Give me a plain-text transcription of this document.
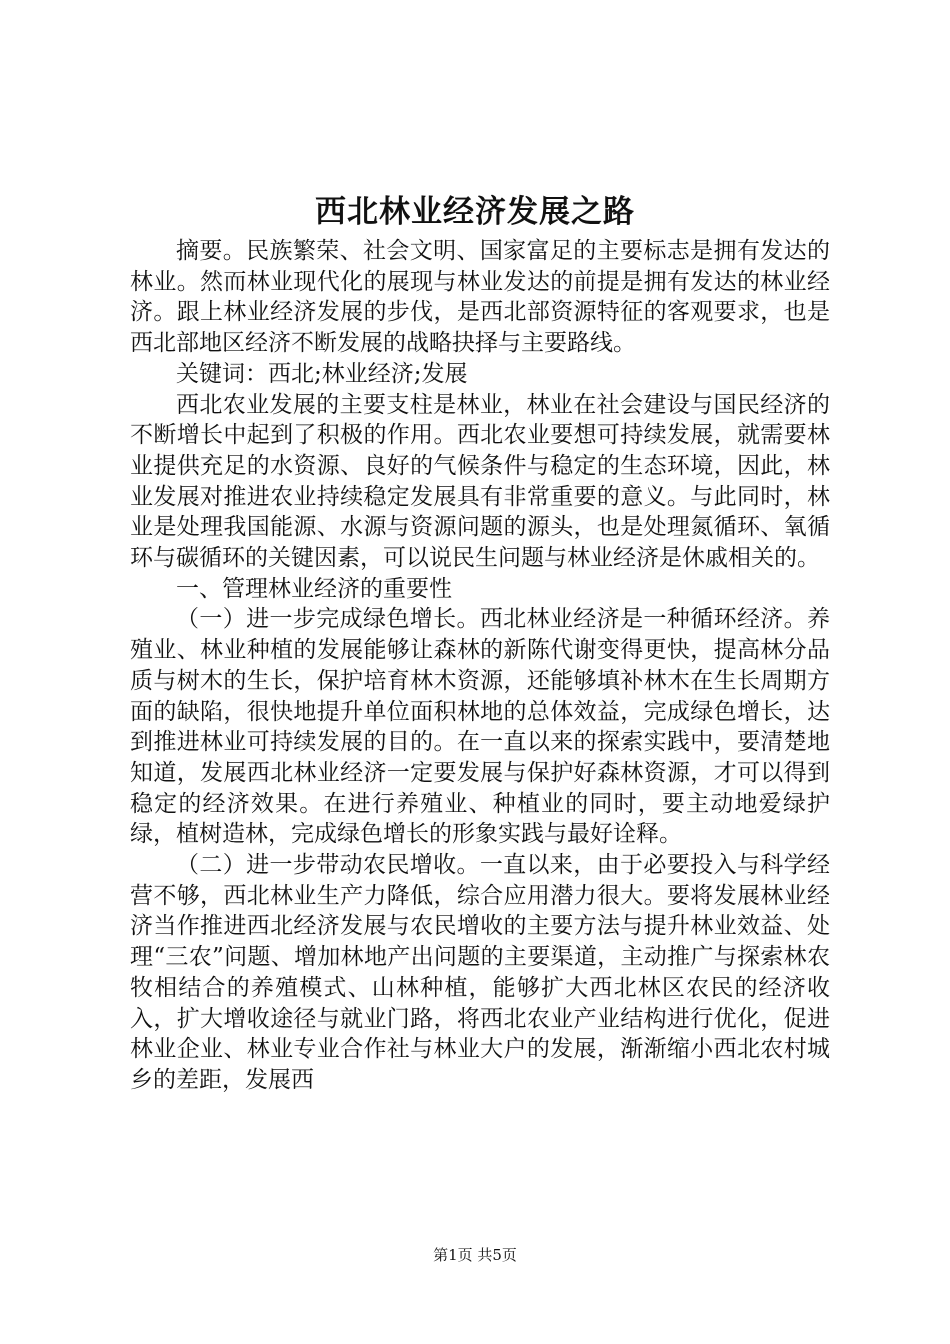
西北林业经济发展之路

摘要。民族繁荣、社会文明、国家富足的主要标志是拥有发达的林业。然而林业现代化的展现与林业发达的前提是拥有发达的林业经济。跟上林业经济发展的步伐，是西北部资源特征的客观要求，也是西北部地区经济不断发展的战略抉择与主要路线。

关键词：西北;林业经济;发展

西北农业发展的主要支柱是林业，林业在社会建设与国民经济的不断增长中起到了积极的作用。西北农业要想可持续发展，就需要林业提供充足的水资源、良好的气候条件与稳定的生态环境，因此，林业发展对推进农业持续稳定发展具有非常重要的意义。与此同时，林业是处理我国能源、水源与资源问题的源头，也是处理氮循环、氧循环与碳循环的关键因素，可以说民生问题与林业经济是休戚相关的。

一、管理林业经济的重要性

（一）进一步完成绿色增长。西北林业经济是一种循环经济。养殖业、林业种植的发展能够让森林的新陈代谢变得更快，提高林分品质与树木的生长，保护培育林木资源，还能够填补林木在生长周期方面的缺陷，很快地提升单位面积林地的总体效益，完成绿色增长，达到推进林业可持续发展的目的。在一直以来的探索实践中，要清楚地知道，发展西北林业经济一定要发展与保护好森林资源，才可以得到稳定的经济效果。在进行养殖业、种植业的同时，要主动地爱绿护绿，植树造林，完成绿色增长的形象实践与最好诠释。

（二）进一步带动农民增收。一直以来，由于必要投入与科学经营不够，西北林业生产力降低，综合应用潜力很大。要将发展林业经济当作推进西北经济发展与农民增收的主要方法与提升林业效益、处理“三农”问题、增加林地产出问题的主要渠道，主动推广与探索林农牧相结合的养殖模式、山林种植，能够扩大西北林区农民的经济收入，扩大增收途径与就业门路，将西北农业产业结构进行优化，促进林业企业、林业专业合作社与林业大户的发展，渐渐缩小西北农村城乡的差距，发展西

第1页 共5页
